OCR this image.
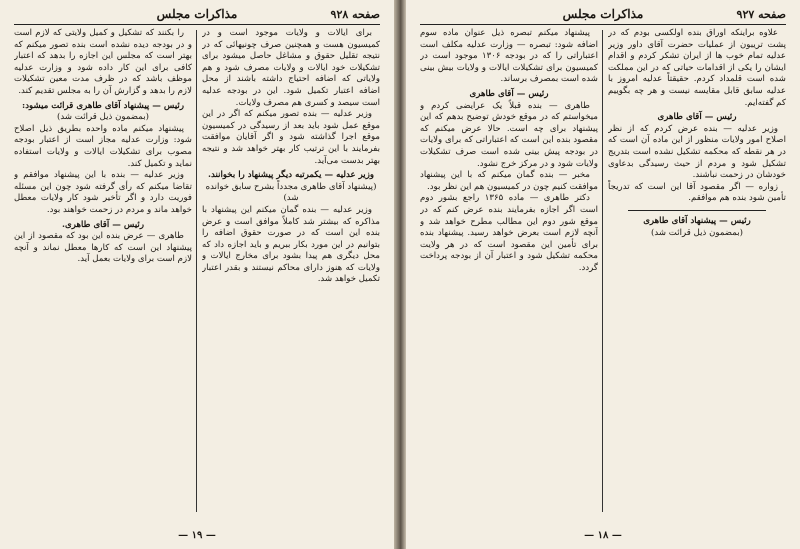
صفحه ۹۲۸
مذاکرات مجلس

برای ایالات و ولایات موجود است و در کمیسیون هست و همچنین صرف چونیهائی که در نتیجه تقلیل حقوق و مشاغل حاصل میشود برای تشکیلات خود ایالات و ولایات مصرف شود و هم ولایاتی که اضافه احتیاج داشته باشند از محل اضافه اعتبار تکمیل شود. این در بودجه عدلیه است سیصد و کسری هم مصرف ولایات.

وزیر عدلیه — بنده تصور میکنم که اگر در این موقع عمل شود باید بعد از رسیدگی در کمیسیون موقع اجرا گذاشته شود و اگر آقایان موافقت بفرمایند با این ترتیب کار بهتر خواهد شد و نتیجه بهتر بدست می‌آید.

وزیر عدلیه — یکمرتبه دیگر پیشنهاد را بخوانند.

(پیشنهاد آقای طاهری مجدداً بشرح سابق خوانده شد)

وزیر عدلیه — بنده گمان میکنم این پیشنهاد با مذاکره که بیشتر شد کاملاً موافق است و عرض بنده این است که در صورت حقوق اضافه را بتوانیم در این مورد بکار ببریم و باید اجازه داد که محل دیگری هم پیدا بشود برای مخارج ایالات و ولایات که هنوز دارای محاکم نیستند و بقدر اعتبار تکمیل خواهد شد.

را بکنند که تشکیل و کمیل ولایتی که لازم است و در بودجه دیده نشده است بنده تصور میکنم که بهتر است که مجلس این اجازه را بدهد که اعتبار کافی برای این کار داده شود و وزارت عدلیه موظف باشد که در ظرف مدت معین تشکیلات لازم را بدهد و گزارش آن را به مجلس تقدیم کند.

رئیس — پیشنهاد آقای طاهری قرائت میشود:

(بمضمون ذیل قرائت شد)

پیشنهاد میکنم ماده واحده بطریق ذیل اصلاح شود: وزارت عدلیه مجاز است از اعتبار بودجه مصوب برای تشکیلات ایالات و ولایات استفاده نماید و تکمیل کند.

وزیر عدلیه — بنده با این پیشنهاد موافقم و تقاضا میکنم که رأی گرفته شود چون این مسئله فوریت دارد و اگر تأخیر شود کار ولایات معطل خواهد ماند و مردم در زحمت خواهند بود.

رئیس — آقای طاهری.

طاهری — عرض بنده این بود که مقصود از این پیشنهاد این است که کارها معطل نماند و آنچه لازم است برای ولایات بعمل آید.

— ۱۹ —
صفحه ۹۲۷
مذاکرات مجلس

علاوه براینکه اوراق بنده اولکسی بودم که در پشت تریبون از عملیات حضرت آقای داور وزیر عدلیه تمام خوب ها از ایران تشکر کردم و اقدام ایشان را یکی از اقدامات حیاتی که در این مملکت شده است قلمداد کردم. حقیقتاً عدلیه امروز با عدلیه سابق قابل مقایسه نیست و هر چه بگوییم کم گفته‌ایم.

رئیس — آقای طاهری

وزیر عدلیه — بنده عرض کردم که از نظر اصلاح امور ولایات منظور از این ماده آن است که در هر نقطه که محکمه تشکیل نشده است بتدریج تشکیل شود و مردم از حیث رسیدگی بدعاوی خودشان در زحمت نباشند.

زواره — اگر مقصود آقا این است که تدریجاً تأمین شود بنده هم موافقم.

رئیس — پیشنهاد آقای طاهری

(بمضمون ذیل قرائت شد)

پیشنهاد میکنم تبصره ذیل عنوان ماده سوم اضافه شود: تبصره — وزارت عدلیه مکلف است اعتباراتی را که در بودجه ۱۳۰۶ موجود است در کمیسیون برای تشکیلات ایالات و ولایات بیش بینی شده است بمصرف برساند.

رئیس — آقای طاهری

طاهری — بنده قبلاً یک عرایضی کردم و میخواستم که در موقع خودش توضیح بدهم که این پیشنهاد برای چه است. حالا عرض میکنم که مقصود بنده این است که اعتباراتی که برای ولایات در بودجه پیش بینی شده است صرف تشکیلات ولایات شود و در مرکز خرج نشود.

مخبر — بنده گمان میکنم که با این پیشنهاد موافقت کنیم چون در کمیسیون هم این نظر بود.

دکتر طاهری — ماده ۱۳۶۵ راجع بشور دوم است اگر اجازه بفرمایند بنده عرض کنم که در موقع شور دوم این مطالب مطرح خواهد شد و آنچه لازم است بعرض خواهد رسید. پیشنهاد بنده برای تأمین این مقصود است که در هر ولایت محکمه تشکیل شود و اعتبار آن از بودجه پرداخت گردد.

— ۱۸ —
